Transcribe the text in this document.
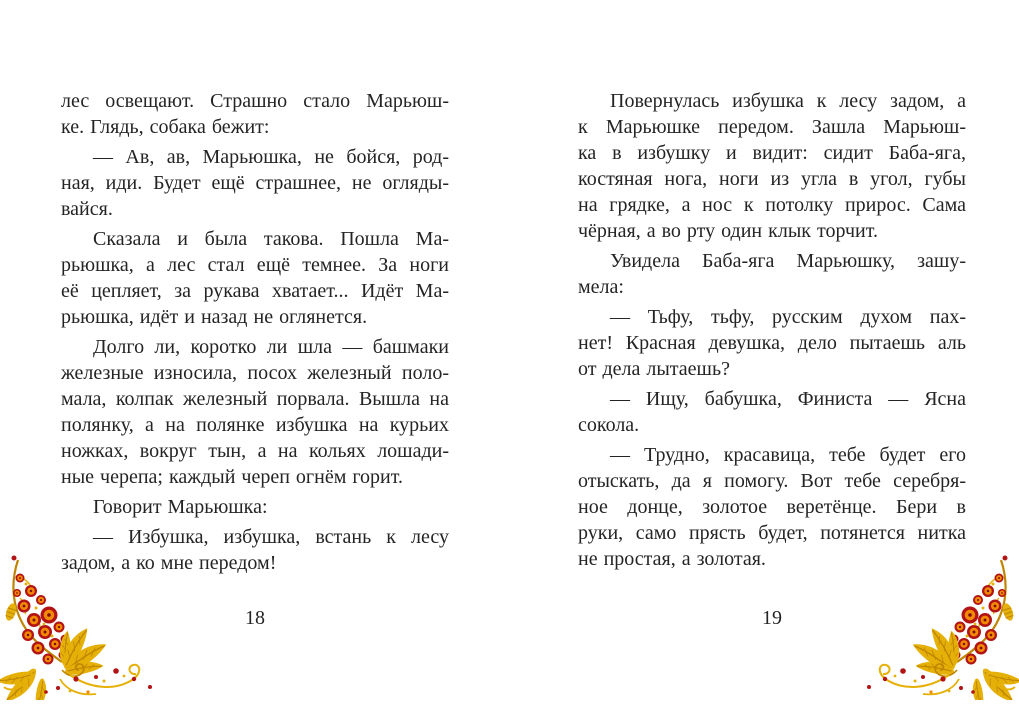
лес освещают. Страшно стало Марьюш-
ке. Глядь, собака бежит:
— Ав, ав, Марьюшка, не бойся, род-
ная, иди. Будет ещё страшнее, не огляды-
вайся.
Сказала и была такова. Пошла Ма-
рьюшка, а лес стал ещё темнее. За ноги
её цепляет, за рукава хватает... Идёт Ма-
рьюшка, идёт и назад не оглянется.
Долго ли, коротко ли шла — башмаки
железные износила, посох железный поло-
мала, колпак железный порвала. Вышла на
полянку, а на полянке избушка на курьих
ножках, вокруг тын, а на кольях лошади-
ные черепа; каждый череп огнём горит.
Говорит Марьюшка:
— Избушка, избушка, встань к лесу
задом, а ко мне передом!
Повернулась избушка к лесу задом, а
к Марьюшке передом. Зашла Марьюш-
ка в избушку и видит: сидит Баба-яга,
костяная нога, ноги из угла в угол, губы
на грядке, а нос к потолку прирос. Сама
чёрная, а во рту один клык торчит.
Увидела Баба-яга Марьюшку, зашу-
мела:
— Тьфу, тьфу, русским духом пах-
нет! Красная девушка, дело пытаешь аль
от дела лытаешь?
— Ищу, бабушка, Финиста — Ясна
сокола.
— Трудно, красавица, тебе будет его
отыскать, да я помогу. Вот тебе серебря-
ное донце, золотое веретёнце. Бери в
руки, само прясть будет, потянется нитка
не простая, а золотая.
18	19
